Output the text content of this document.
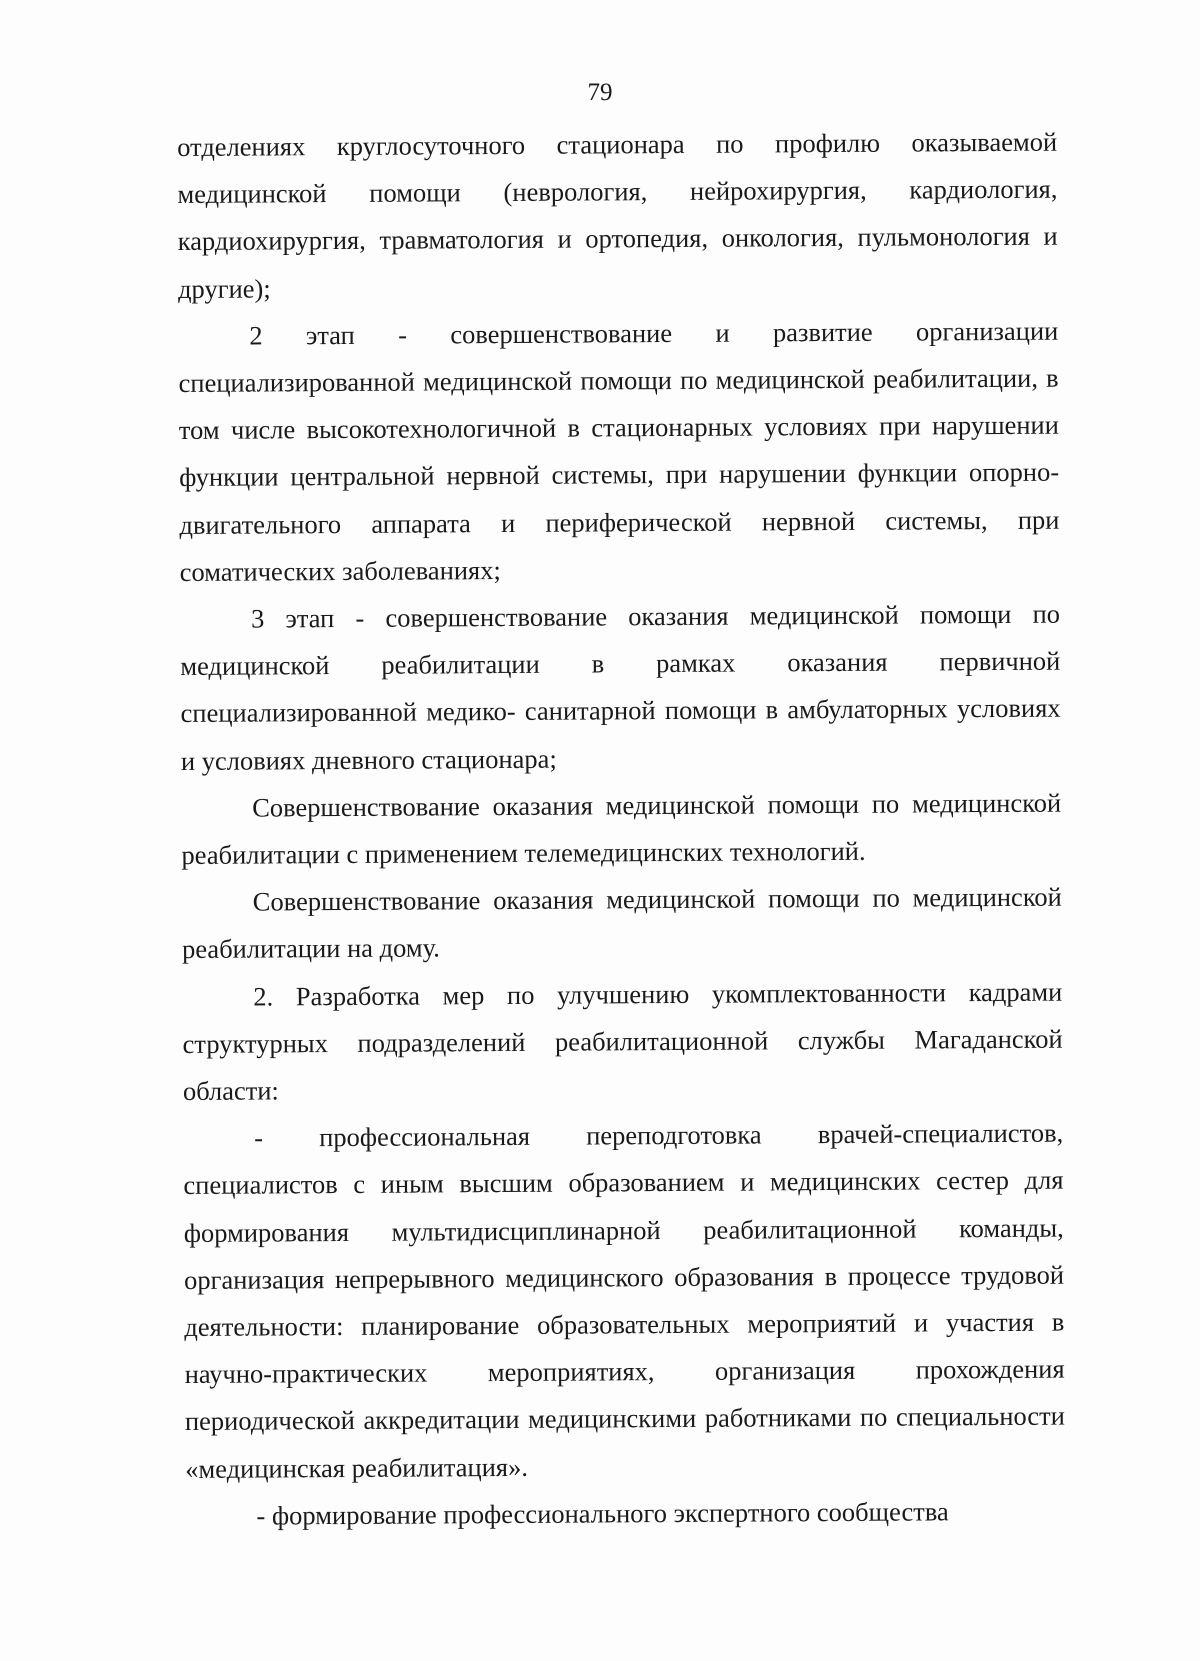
79

отделениях круглосуточного стационара по профилю оказываемой медицинской помощи (неврология, нейрохирургия, кардиология, кардиохирургия, травматология и ортопедия, онкология, пульмонология и другие);

2 этап - совершенствование и развитие организации специализированной медицинской помощи по медицинской реабилитации, в том числе высокотехнологичной в стационарных условиях при нарушении функции центральной нервной системы, при нарушении функции опорно-двигательного аппарата и периферической нервной системы, при соматических заболеваниях;

3 этап - совершенствование оказания медицинской помощи по медицинской реабилитации в рамках оказания первичной специализированной медико- санитарной помощи в амбулаторных условиях и условиях дневного стационара;

Совершенствование оказания медицинской помощи по медицинской реабилитации с применением телемедицинских технологий.

Совершенствование оказания медицинской помощи по медицинской реабилитации на дому.

2. Разработка мер по улучшению укомплектованности кадрами структурных подразделений реабилитационной службы Магаданской области:

- профессиональная переподготовка врачей-специалистов, специалистов с иным высшим образованием и медицинских сестер для формирования мультидисциплинарной реабилитационной команды, организация непрерывного медицинского образования в процессе трудовой деятельности: планирование образовательных мероприятий и участия в научно-практических мероприятиях, организация прохождения периодической аккредитации медицинскими работниками по специальности «медицинская реабилитация».

- формирование профессионального экспертного сообщества
